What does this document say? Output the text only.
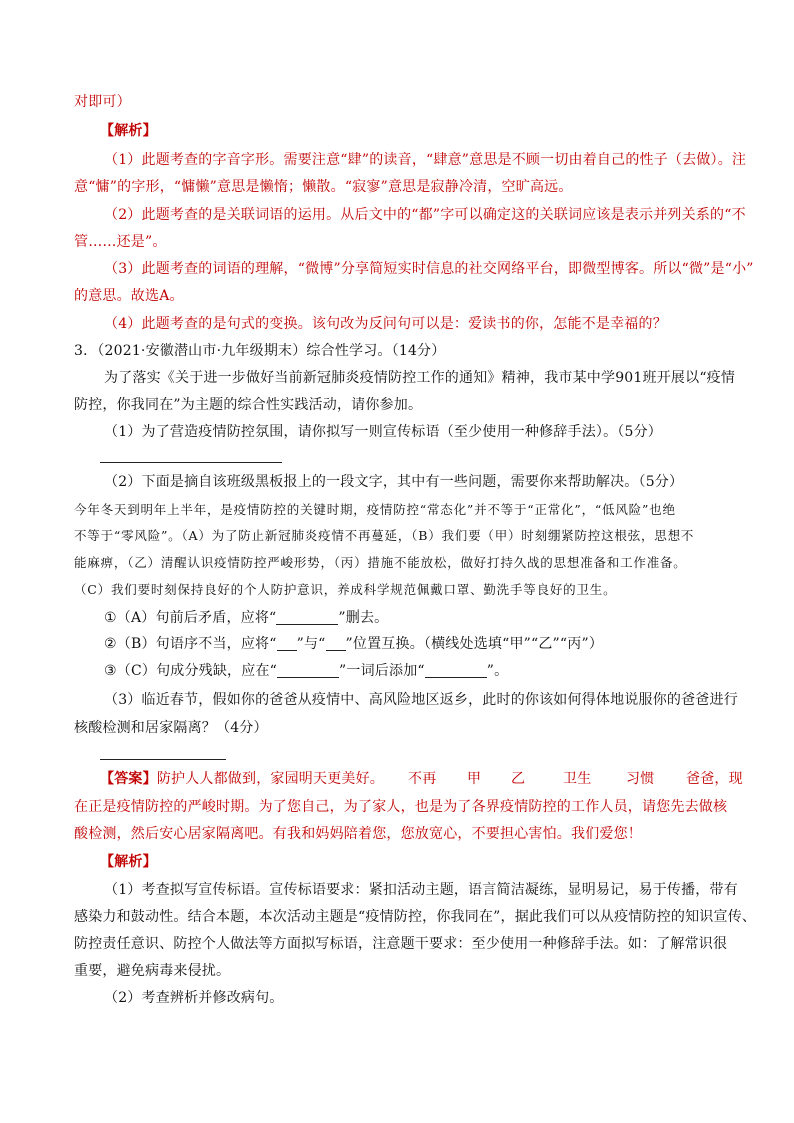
对即可）
【解析】
（1）此题考查的字音字形。需要注意“肆”的读音，“肆意”意思是不顾一切由着自己的性子（去做）。注
意“慵”的字形，“慵懒”意思是懒惰；懒散。“寂寥”意思是寂静冷清，空旷高远。
（2）此题考查的是关联词语的运用。从后文中的“都”字可以确定这的关联词应该是表示并列关系的“不
管……还是”。
（3）此题考查的词语的理解，“微博”分享简短实时信息的社交网络平台，即微型博客。所以“微”是“小”
的意思。故选A。
（4）此题考查的是句式的变换。该句改为反问句可以是：爱读书的你，怎能不是幸福的？
3．（2021·安徽潜山市·九年级期末）综合性学习。（14分）
为了落实《关于进一步做好当前新冠肺炎疫情防控工作的通知》精神，我市某中学901班开展以“疫情
防控，你我同在”为主题的综合性实践活动，请你参加。
（1）为了营造疫情防控氛围，请你拟写一则宣传标语（至少使用一种修辞手法）。（5分）
（2）下面是摘自该班级黑板报上的一段文字，其中有一些问题，需要你来帮助解决。（5分）
今年冬天到明年上半年，是疫情防控的关键时期，疫情防控“常态化”并不等于“正常化”，“低风险”也绝
不等于“零风险”。（A）为了防止新冠肺炎疫情不再蔓延，（B）我们要（甲）时刻绷紧防控这根弦，思想不
能麻痹，（乙）清醒认识疫情防控严峻形势，（丙）措施不能放松，做好打持久战的思想准备和工作准备。
（C）我们要时刻保持良好的个人防护意识，养成科学规范佩戴口罩、勤洗手等良好的卫生。
①（A）句前后矛盾，应将“	”删去。
②（B）句语序不当，应将“ ”与“ ”位置互换。（横线处选填“甲”“乙”“丙”）
③（C）句成分残缺，应在“	”一词后添加“	”。
（3）临近春节，假如你的爸爸从疫情中、高风险地区返乡，此时的你该如何得体地说服你的爸爸进行
核酸检测和居家隔离？（4分）
【答案】防护人人都做到，家园明天更美好。	不再	甲	乙	卫生	习惯	爸爸，现
在正是疫情防控的严峻时期。为了您自己，为了家人，也是为了各界疫情防控的工作人员，请您先去做核
酸检测，然后安心居家隔离吧。有我和妈妈陪着您，您放宽心，不要担心害怕。我们爱您！
【解析】
（1）考查拟写宣传标语。宣传标语要求：紧扣活动主题，语言简洁凝练，显明易记，易于传播，带有
感染力和鼓动性。结合本题，本次活动主题是“疫情防控，你我同在”，据此我们可以从疫情防控的知识宣传、
防控责任意识、防控个人做法等方面拟写标语，注意题干要求：至少使用一种修辞手法。如：了解常识很
重要，避免病毒来侵扰。
（2）考查辨析并修改病句。
